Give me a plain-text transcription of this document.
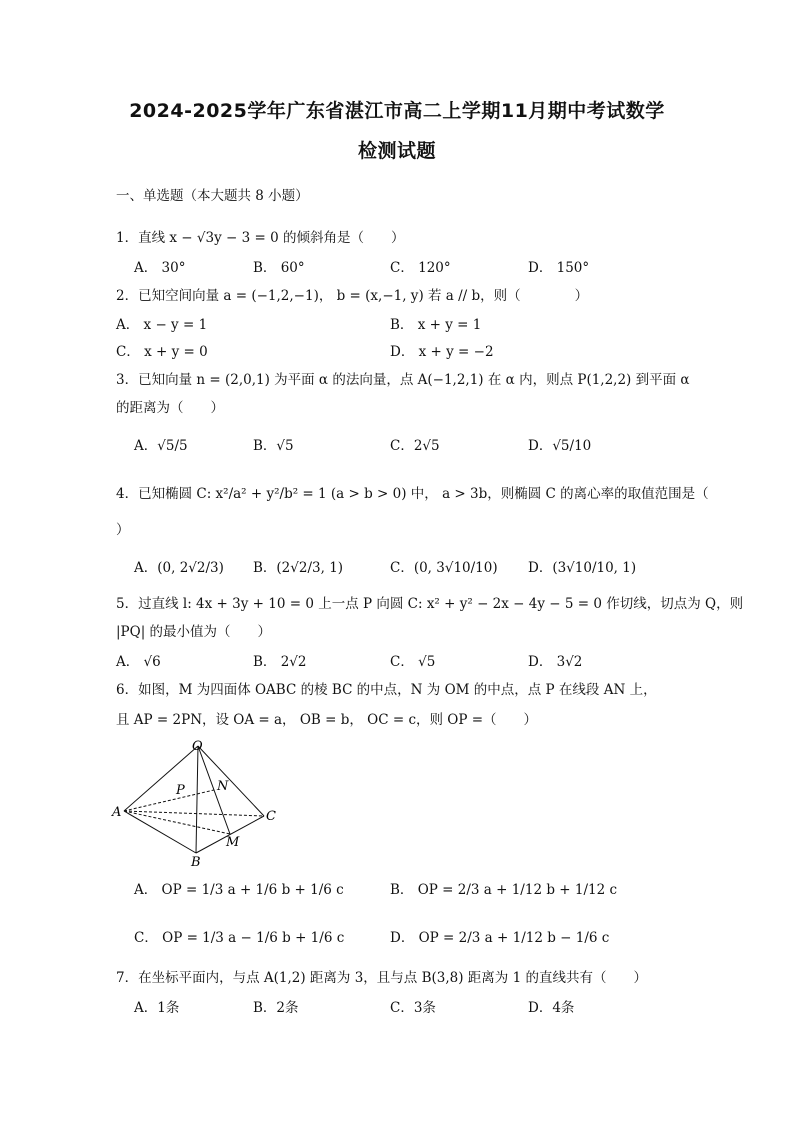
2024-2025学年广东省湛江市高二上学期11月期中考试数学
检测试题
一、单选题（本大题共 8 小题）
1．直线 x − √3y − 3 = 0 的倾斜角是（　　）
A． 30°	B． 60°	C． 120°	D． 150°
2．已知空间向量 a = (−1,2,−1)， b = (x,−1, y) 若 a // b，则（　　　　）
A． x − y = 1	B． x + y = 1
C． x + y = 0	D． x + y = −2
3．已知向量 n = (2,0,1) 为平面 α 的法向量，点 A(−1,2,1) 在 α 内，则点 P(1,2,2) 到平面 α
的距离为（　　）
A．√5/5	B．√5	C．2√5	D．√5/10
4．已知椭圆 C: x²/a² + y²/b² = 1 (a > b > 0) 中， a > 3b，则椭圆 C 的离心率的取值范围是（
）
A．(0, 2√2/3) B．(2√2/3, 1)	C．(0, 3√10/10) D．(3√10/10, 1)
5．过直线 l: 4x + 3y + 10 = 0 上一点 P 向圆 C: x² + y² − 2x − 4y − 5 = 0 作切线，切点为 Q，则
|PQ| 的最小值为（　　）
A． √6	B． 2√2	C． √5	D． 3√2
6．如图，M 为四面体 OABC 的棱 BC 的中点，N 为 OM 的中点，点 P 在线段 AN 上，
且 AP = 2PN，设 OA = a， OB = b， OC = c，则 OP =（　　）
O
A
B
C
M
N
P
A． OP = 1/3 a + 1/6 b + 1/6 c	B． OP = 2/3 a + 1/12 b + 1/12 c
C． OP = 1/3 a − 1/6 b + 1/6 c	D． OP = 2/3 a + 1/12 b − 1/6 c
7．在坐标平面内，与点 A(1,2) 距离为 3，且与点 B(3,8) 距离为 1 的直线共有（　　）
A．1条	B．2条	C．3条	D．4条
